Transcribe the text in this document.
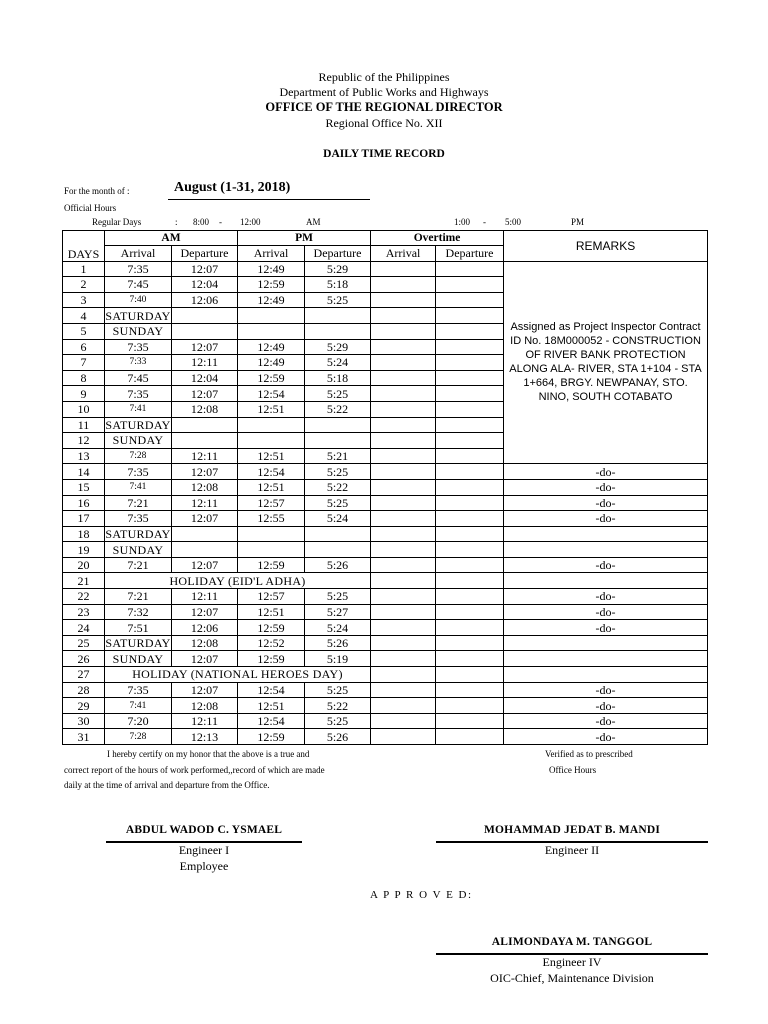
Republic of the Philippines
Department of Public Works and Highways
OFFICE OF THE REGIONAL DIRECTOR
Regional Office No. XII
DAILY TIME RECORD
For the month of :	August (1-31, 2018)
Official Hours
Regular Days	: 8:00 - 12:00	AM	1:00 - 5:00	PM
DAYS	AM		PM		Overtime		REMARKS
	Arrival	Departure	Arrival	Departure	Arrival	Departure	
1	7:35	12:07	12:49	5:29			Assigned as Project Inspector Contract ID No. 18M000052 - CONSTRUCTION OF RIVER BANK PROTECTION ALONG ALA- RIVER, STA 1+104 - STA 1+664, BRGY. NEWPANAY, STO. NINO, SOUTH COTABATO
2	7:45	12:04	12:59	5:18			
3	7:40	12:06	12:49	5:25			
4	SATURDAY						
5	SUNDAY						
6	7:35	12:07	12:49	5:29			
7	7:33	12:11	12:49	5:24			
8	7:45	12:04	12:59	5:18			
9	7:35	12:07	12:54	5:25			
10	7:41	12:08	12:51	5:22			
11	SATURDAY						
12	SUNDAY						
13	7:28	12:11	12:51	5:21			
14	7:35	12:07	12:54	5:25			-do-
15	7:41	12:08	12:51	5:22			-do-
16	7:21	12:11	12:57	5:25			-do-
17	7:35	12:07	12:55	5:24			-do-
18	SATURDAY						
19	SUNDAY						
20	7:21	12:07	12:59	5:26			-do-
21	HOLIDAY (EID'L ADHA)						
22	7:21	12:11	12:57	5:25			-do-
23	7:32	12:07	12:51	5:27			-do-
24	7:51	12:06	12:59	5:24			-do-
25	SATURDAY	12:08	12:52	5:26			
26	SUNDAY	12:07	12:59	5:19			
27	HOLIDAY (NATIONAL HEROES DAY)						
28	7:35	12:07	12:54	5:25			-do-
29	7:41	12:08	12:51	5:22			-do-
30	7:20	12:11	12:54	5:25			-do-
31	7:28	12:13	12:59	5:26			-do-
I hereby certify on my honor that the above is a true and
correct report of the hours of work performed,,record of which are made
daily at the time of arrival and departure from the Office.
Verified as to prescribed
Office Hours
ABDUL WADOD C. YSMAEL
Engineer I
Employee
MOHAMMAD JEDAT B. MANDI
Engineer II
A P P R O V E D:
ALIMONDAYA M. TANGGOL
Engineer IV
OIC-Chief, Maintenance Division
